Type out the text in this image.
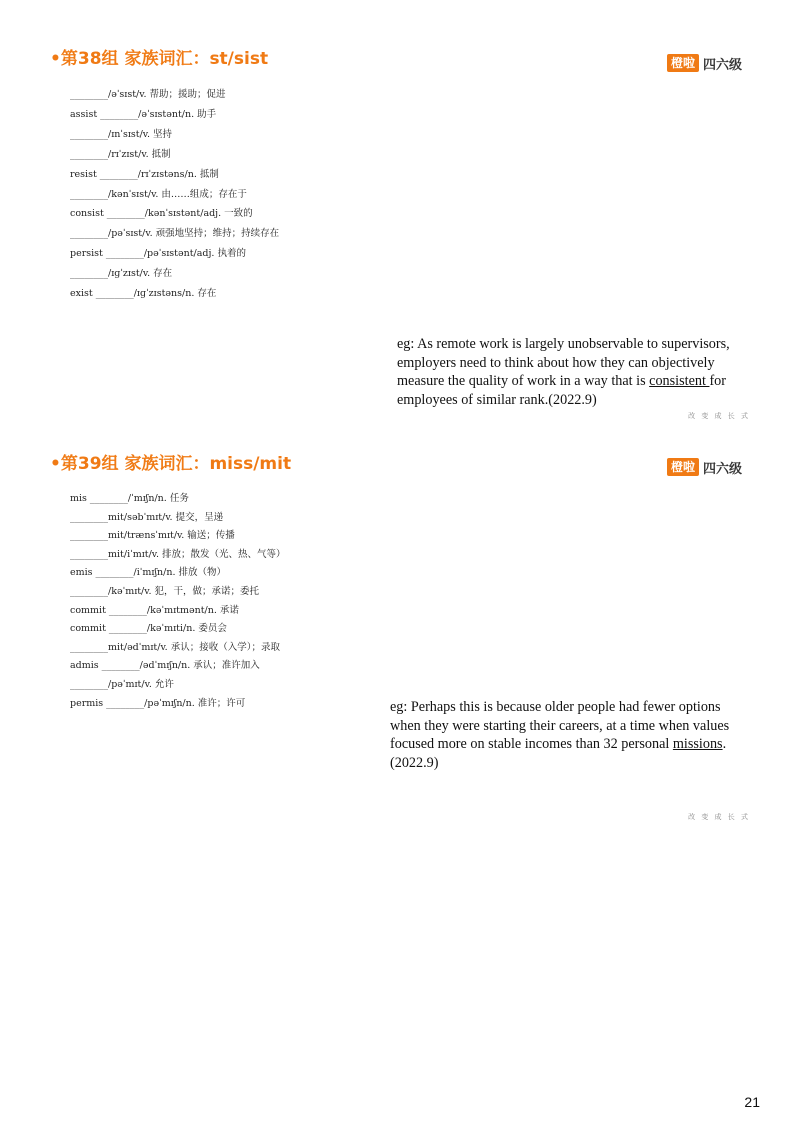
•第38组 家族词汇：st/sist	橙啦 四六级
________/əˈsɪst/v. 帮助；援助；促进
assist ________/əˈsɪstənt/n. 助手
________/ɪnˈsɪst/v. 坚持
________/rɪˈzɪst/v. 抵制
resist ________/rɪˈzɪstəns/n. 抵制
________/kənˈsɪst/v. 由……组成；存在于
consist ________/kənˈsɪstənt/adj. 一致的
________/pəˈsɪst/v. 顽强地坚持；维持；持续存在
persist ________/pəˈsɪstənt/adj. 执着的
________/ɪɡˈzɪst/v. 存在
exist ________/ɪɡˈzɪstəns/n. 存在
eg: As remote work is largely unobservable to supervisors, employers need to think about how they can objectively measure the quality of work in a way that is consistent for employees of similar rank.(2022.9)
改 变 成 长 式
•第39组 家族词汇：miss/mit	橙啦 四六级
mis ________/ˈmɪʃn/n. 任务
________mit/səbˈmɪt/v. 提交，呈递
________mit/trænsˈmɪt/v. 输送；传播
________mit/iˈmɪt/v. 排放；散发（光、热、气等）
emis ________/iˈmɪʃn/n. 排放（物）
________/kəˈmɪt/v. 犯，干，做；承诺；委托
commit ________/kəˈmɪtmənt/n. 承诺
commit ________/kəˈmɪti/n. 委员会
________mit/ədˈmɪt/v. 承认；接收（入学）；录取
admis ________/ədˈmɪʃn/n. 承认；准许加入
________/pəˈmɪt/v. 允许
permis ________/pəˈmɪʃn/n. 准许；许可	eg: Perhaps this is because older people had fewer options when they were starting their careers, at a time when values focused more on stable incomes than 32 personal missions.(2022.9)
改 变 成 长 式
21
